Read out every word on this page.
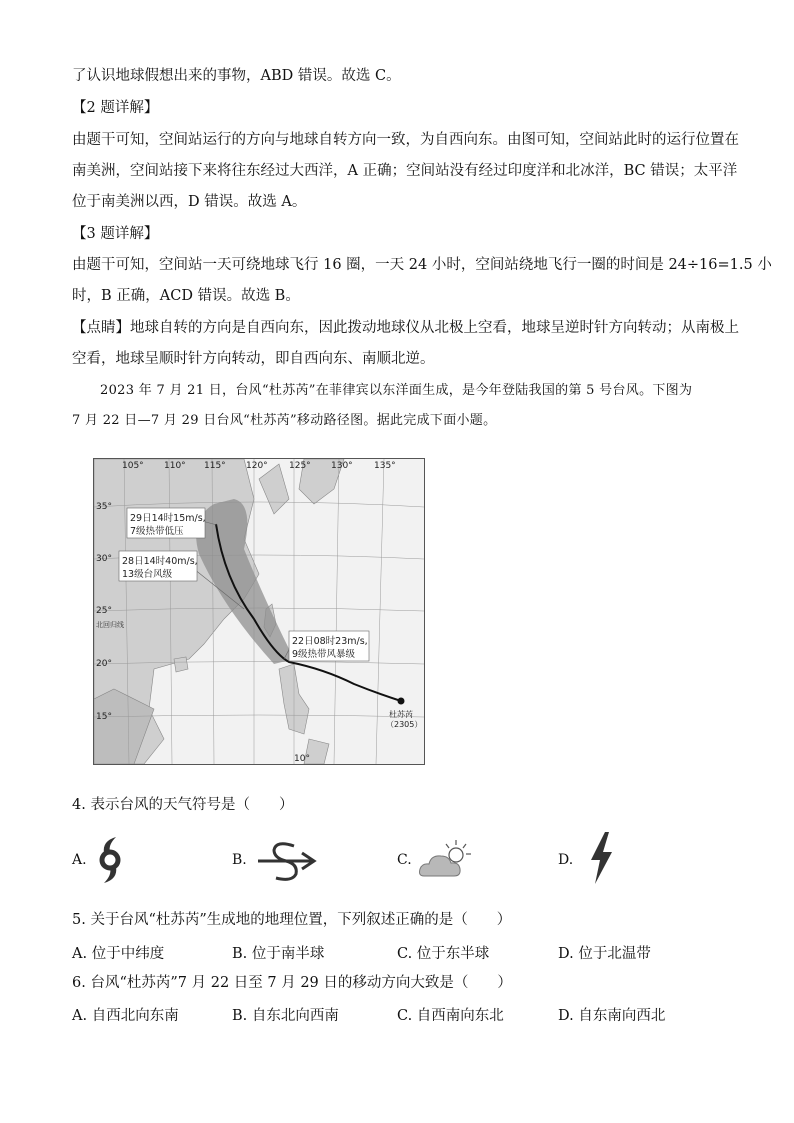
了认识地球假想出来的事物，ABD 错误。故选 C。
【2 题详解】
由题干可知，空间站运行的方向与地球自转方向一致，为自西向东。由图可知，空间站此时的运行位置在
南美洲，空间站接下来将往东经过大西洋，A 正确；空间站没有经过印度洋和北冰洋，BC 错误；太平洋
位于南美洲以西，D 错误。故选 A。
【3 题详解】
由题干可知，空间站一天可绕地球飞行 16 圈，一天 24 小时，空间站绕地飞行一圈的时间是 24÷16=1.5 小
时，B 正确，ACD 错误。故选 B。
【点睛】地球自转的方向是自西向东，因此拨动地球仪从北极上空看，地球呈逆时针方向转动；从南极上
空看，地球呈顺时针方向转动，即自西向东、南顺北逆。
2023 年 7 月 21 日，台风“杜苏芮”在菲律宾以东洋面生成，是今年登陆我国的第 5 号台风。下图为
7 月 22 日—7 月 29 日台风“杜苏芮”移动路径图。据此完成下面小题。
29日14时15m/s,
7级热带低压
28日14时40m/s,
13级台风级
22日08时23m/s,
9级热带风暴级
杜苏芮
（2305）
105° 110° 115° 120° 125° 130° 135°
35°
30°
25°
20°
15°
北回归线
10°
4. 表示台风的天气符号是（　　）
A.	B.	C.	D.
5. 关于台风“杜苏芮”生成地的地理位置，下列叙述正确的是（　　）
A. 位于中纬度	B. 位于南半球	C. 位于东半球	D. 位于北温带
6. 台风“杜苏芮”7 月 22 日至 7 月 29 日的移动方向大致是（　　）
A. 自西北向东南	B. 自东北向西南	C. 自西南向东北	D. 自东南向西北
